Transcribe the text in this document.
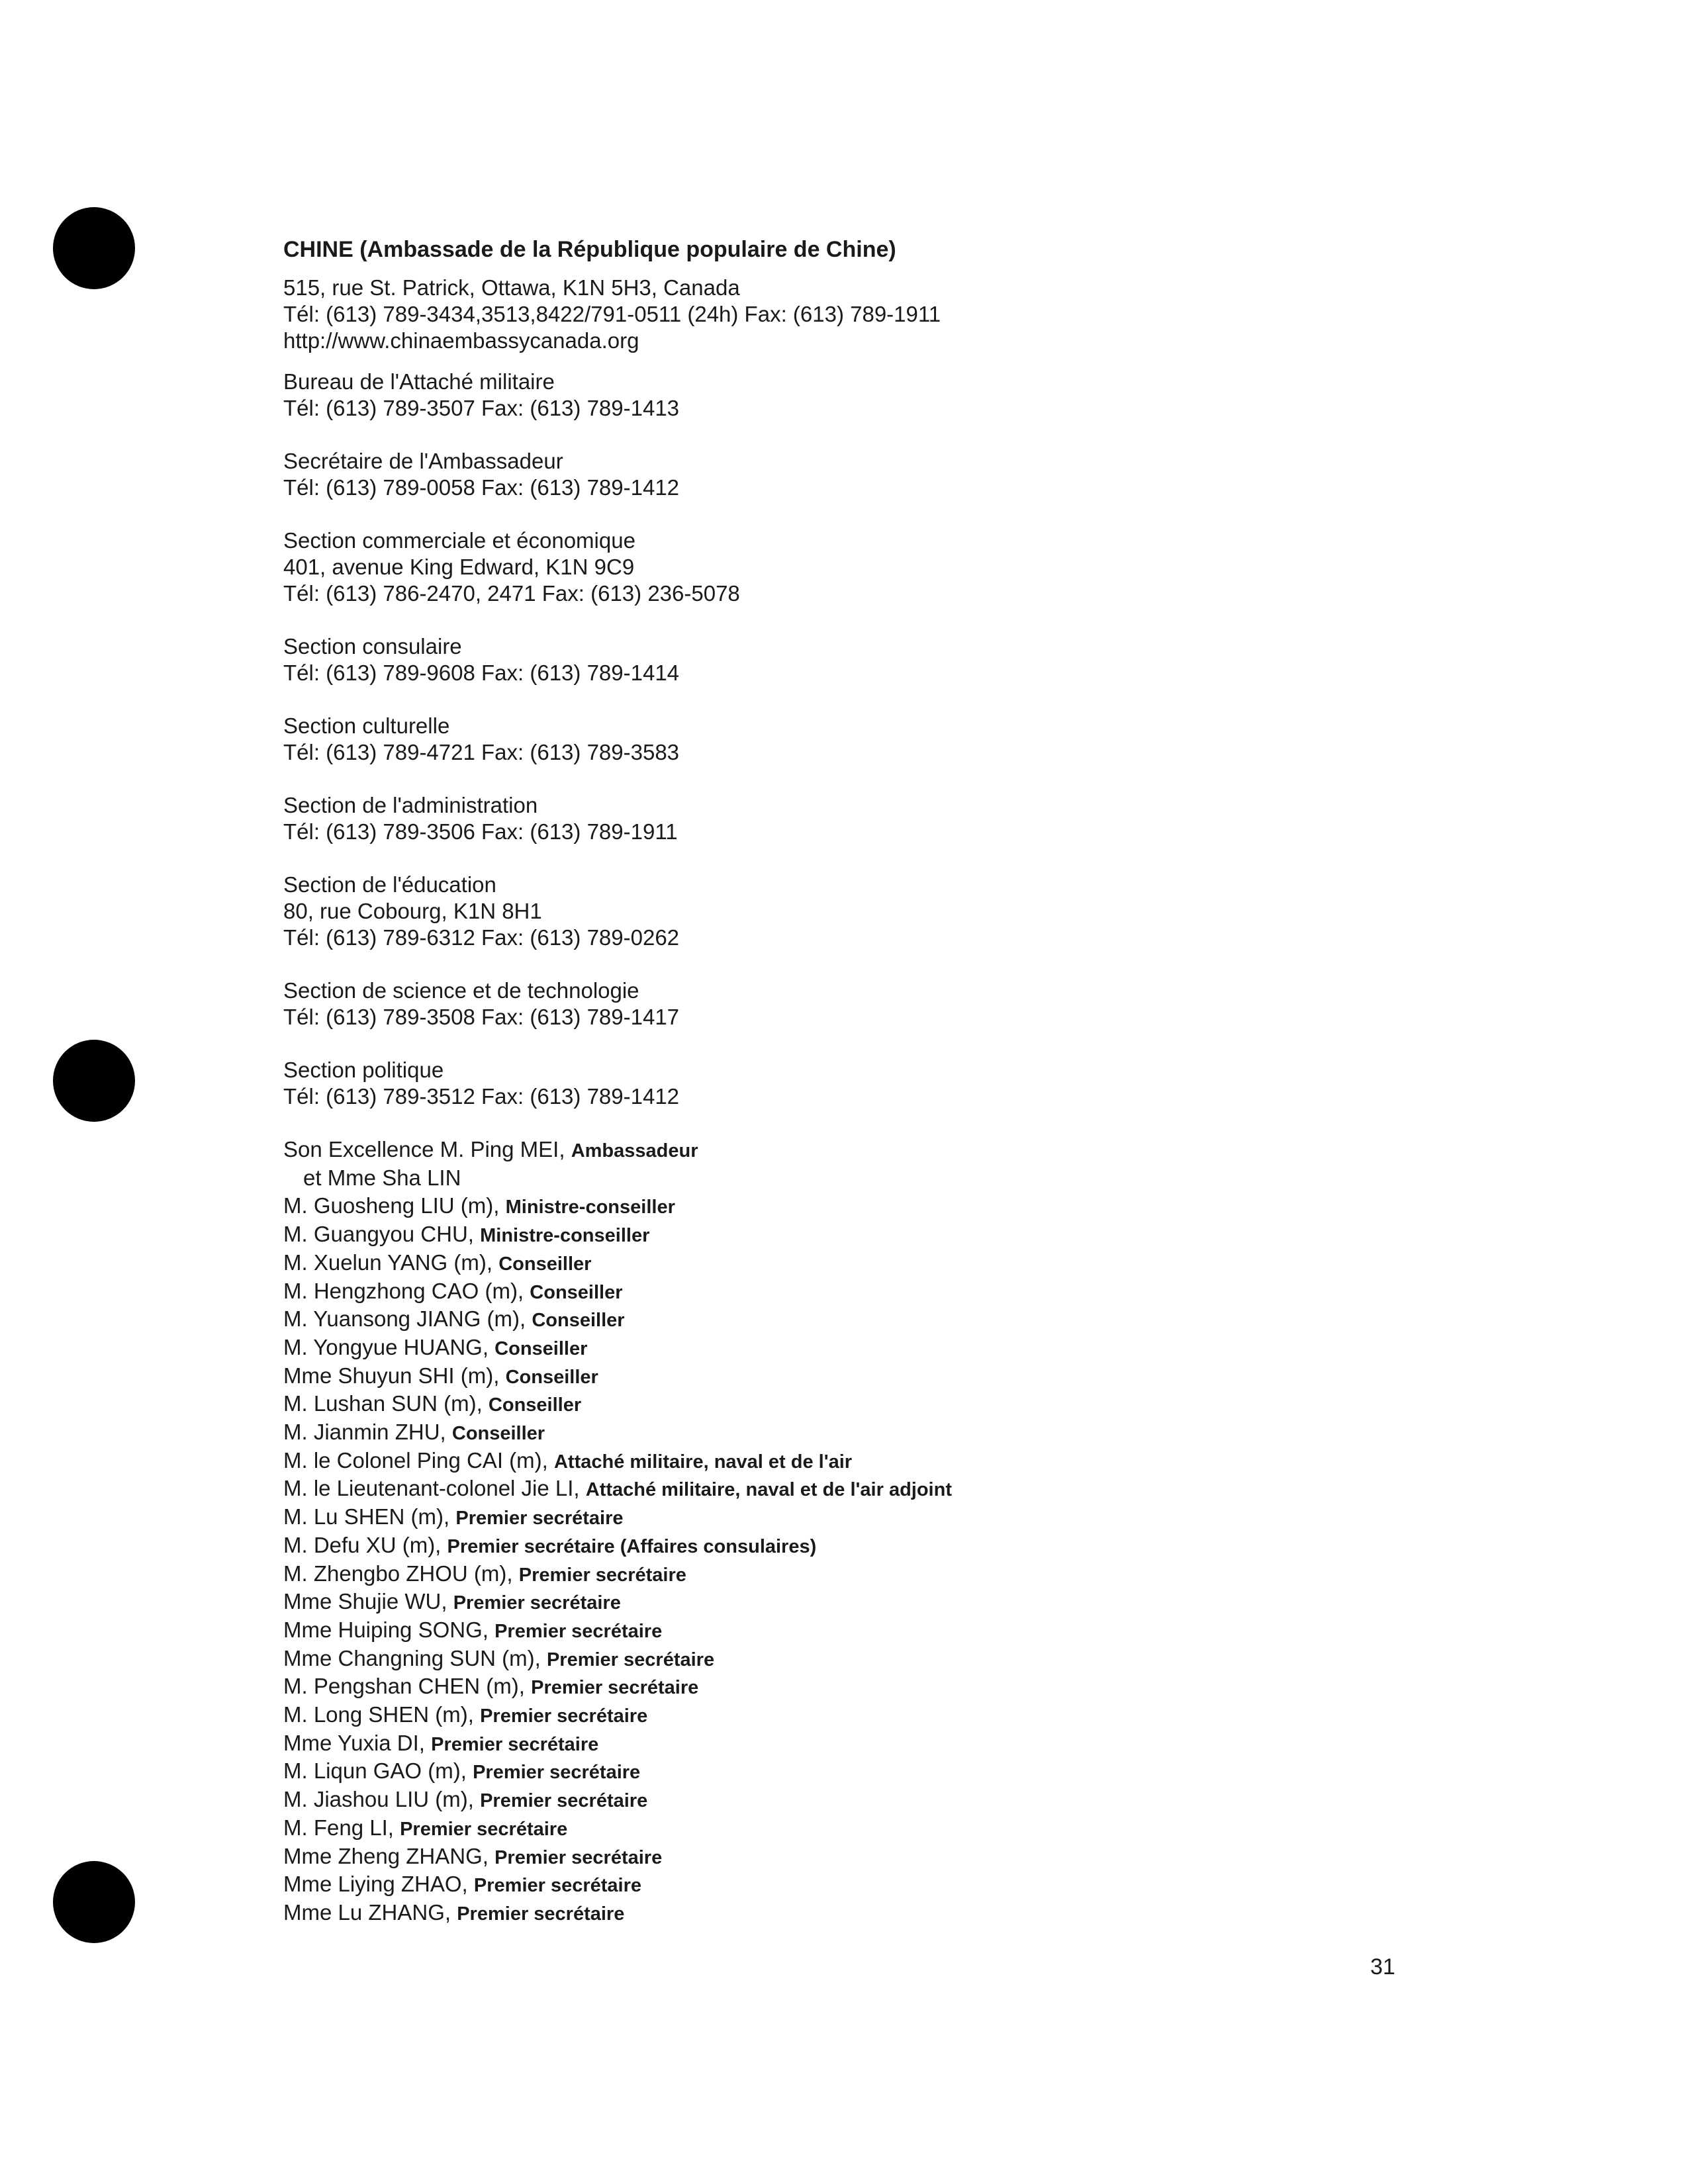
CHINE (Ambassade de la République populaire de Chine)
515, rue St. Patrick, Ottawa, K1N 5H3, Canada
Tél: (613) 789-3434,3513,8422/791-0511 (24h) Fax: (613) 789-1911
http://www.chinaembassycanada.org
Bureau de l'Attaché militaire
Tél: (613) 789-3507 Fax: (613) 789-1413
Secrétaire de l'Ambassadeur
Tél: (613) 789-0058 Fax: (613) 789-1412
Section commerciale et économique
401, avenue King Edward, K1N 9C9
Tél: (613) 786-2470, 2471 Fax: (613) 236-5078
Section consulaire
Tél: (613) 789-9608 Fax: (613) 789-1414
Section culturelle
Tél: (613) 789-4721 Fax: (613) 789-3583
Section de l'administration
Tél: (613) 789-3506 Fax: (613) 789-1911
Section de l'éducation
80, rue Cobourg, K1N 8H1
Tél: (613) 789-6312 Fax: (613) 789-0262
Section de science et de technologie
Tél: (613) 789-3508 Fax: (613) 789-1417
Section politique
Tél: (613) 789-3512 Fax: (613) 789-1412
Son Excellence M. Ping MEI, Ambassadeur
et Mme Sha LIN
M. Guosheng LIU (m), Ministre-conseiller
M. Guangyou CHU, Ministre-conseiller
M. Xuelun YANG (m), Conseiller
M. Hengzhong CAO (m), Conseiller
M. Yuansong JIANG (m), Conseiller
M. Yongyue HUANG, Conseiller
Mme Shuyun SHI (m), Conseiller
M. Lushan SUN (m), Conseiller
M. Jianmin ZHU, Conseiller
M. le Colonel Ping CAI (m), Attaché militaire, naval et de l'air
M. le Lieutenant-colonel Jie LI, Attaché militaire, naval et de l'air adjoint
M. Lu SHEN (m), Premier secrétaire
M. Defu XU (m), Premier secrétaire (Affaires consulaires)
M. Zhengbo ZHOU (m), Premier secrétaire
Mme Shujie WU, Premier secrétaire
Mme Huiping SONG, Premier secrétaire
Mme Changning SUN (m), Premier secrétaire
M. Pengshan CHEN (m), Premier secrétaire
M. Long SHEN (m), Premier secrétaire
Mme Yuxia DI, Premier secrétaire
M. Liqun GAO (m), Premier secrétaire
M. Jiashou LIU (m), Premier secrétaire
M. Feng LI, Premier secrétaire
Mme Zheng ZHANG, Premier secrétaire
Mme Liying ZHAO, Premier secrétaire
Mme Lu ZHANG, Premier secrétaire
31
